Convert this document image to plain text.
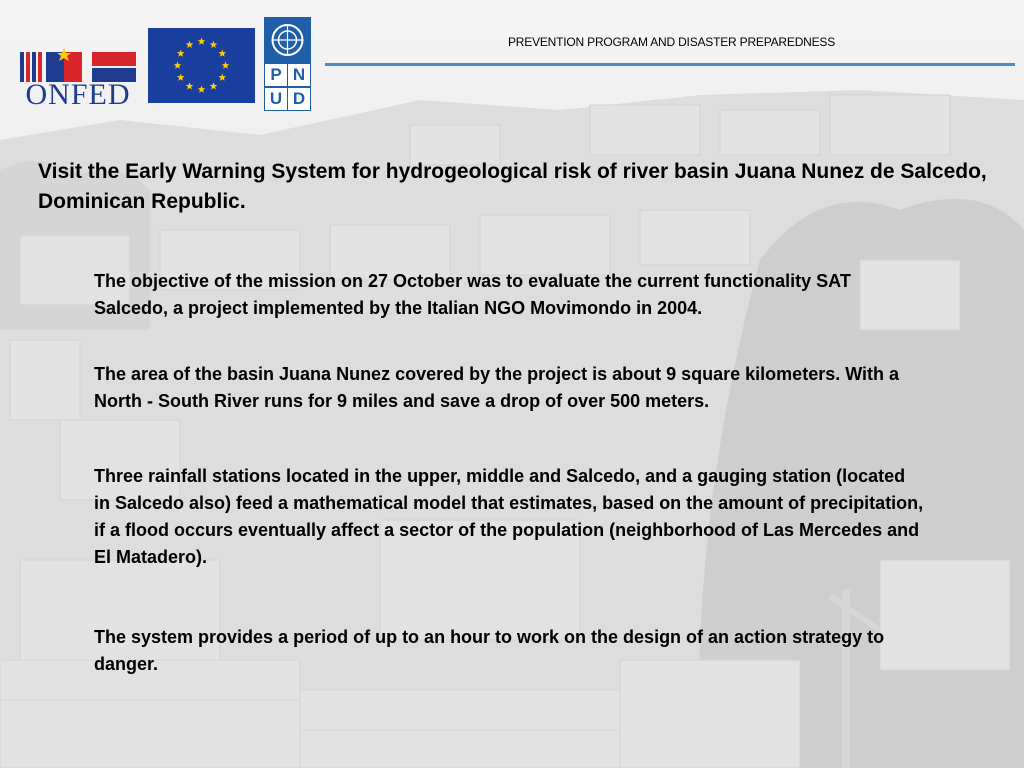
ONFED
P N
U D
PREVENTION PROGRAM AND DISASTER PREPAREDNESS
Visit the Early Warning System for hydrogeological risk of river basin Juana Nunez de Salcedo, Dominican Republic.

The objective of the mission on 27 October was to evaluate the current functionality SAT Salcedo, a project implemented by the Italian NGO Movimondo in 2004.

The area of the basin Juana Nunez covered by the project is about 9 square kilometers. With a North - South River runs for 9 miles and save a drop of over 500 meters.

Three rainfall stations located in the upper, middle and Salcedo, and a gauging station (located in Salcedo also) feed a mathematical model that estimates, based on the amount of precipitation, if a flood occurs eventually affect a sector of the population (neighborhood of Las Mercedes and El Matadero).

The system provides a period of up to an hour to work on the design of an action strategy to danger.
